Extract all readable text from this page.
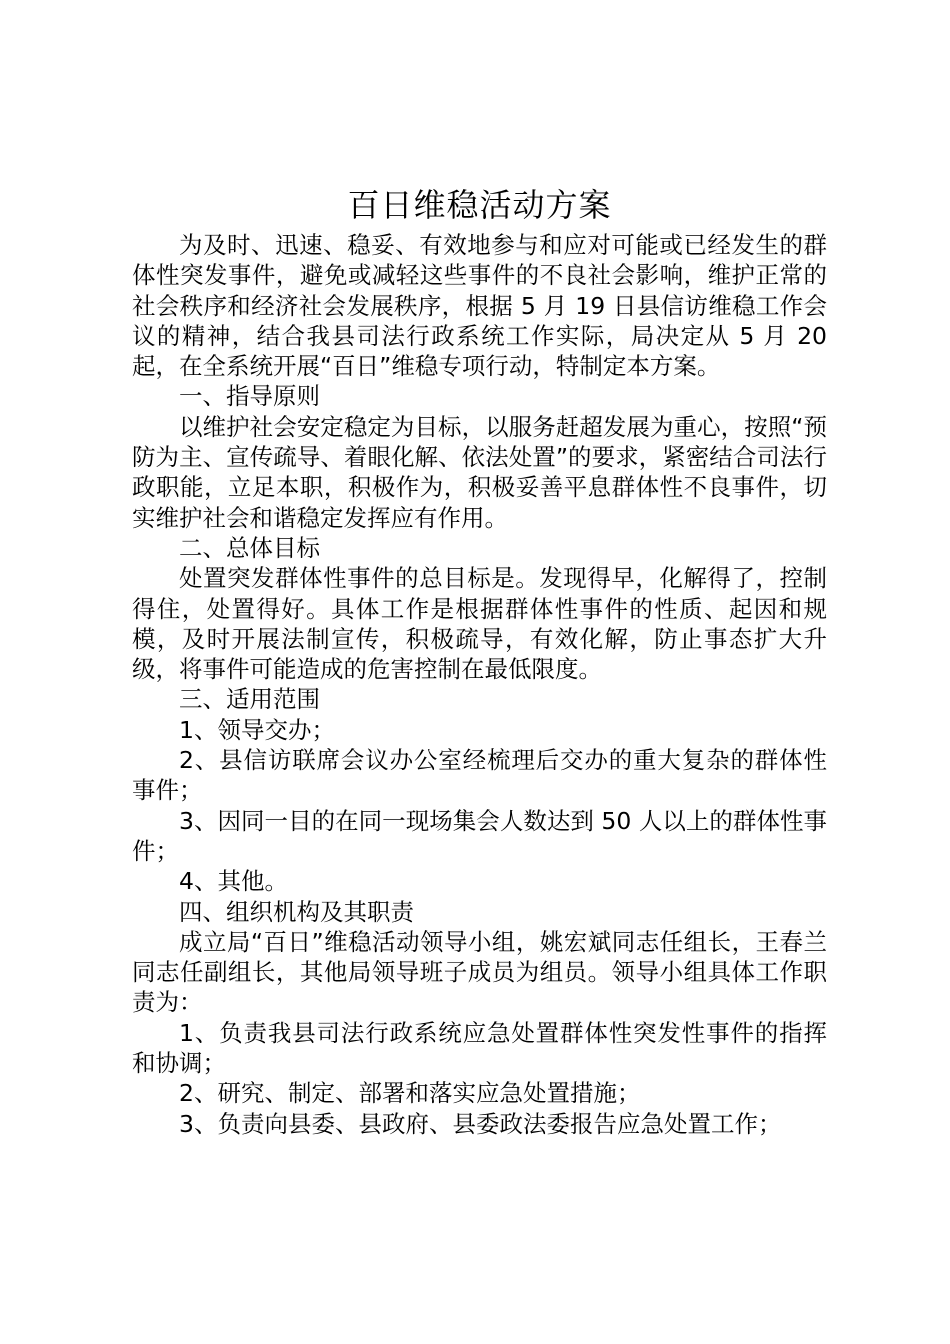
百日维稳活动方案

为及时、迅速、稳妥、有效地参与和应对可能或已经发生的群体性突发事件，避免或减轻这些事件的不良社会影响，维护正常的社会秩序和经济社会发展秩序，根据 5 月 19 日县信访维稳工作会议的精神，结合我县司法行政系统工作实际，局决定从 5 月 20 起，在全系统开展“百日”维稳专项行动，特制定本方案。

一、指导原则

以维护社会安定稳定为目标，以服务赶超发展为重心，按照“预防为主、宣传疏导、着眼化解、依法处置”的要求，紧密结合司法行政职能，立足本职，积极作为，积极妥善平息群体性不良事件，切实维护社会和谐稳定发挥应有作用。

二、总体目标

处置突发群体性事件的总目标是。发现得早，化解得了，控制得住，处置得好。具体工作是根据群体性事件的性质、起因和规模，及时开展法制宣传，积极疏导，有效化解，防止事态扩大升级，将事件可能造成的危害控制在最低限度。

三、适用范围

1、领导交办；

2、县信访联席会议办公室经梳理后交办的重大复杂的群体性事件；

3、因同一目的在同一现场集会人数达到 50 人以上的群体性事件；

4、其他。

四、组织机构及其职责

成立局“百日”维稳活动领导小组，姚宏斌同志任组长，王春兰同志任副组长，其他局领导班子成员为组员。领导小组具体工作职责为：

1、负责我县司法行政系统应急处置群体性突发性事件的指挥和协调；

2、研究、制定、部署和落实应急处置措施；

3、负责向县委、县政府、县委政法委报告应急处置工作；
